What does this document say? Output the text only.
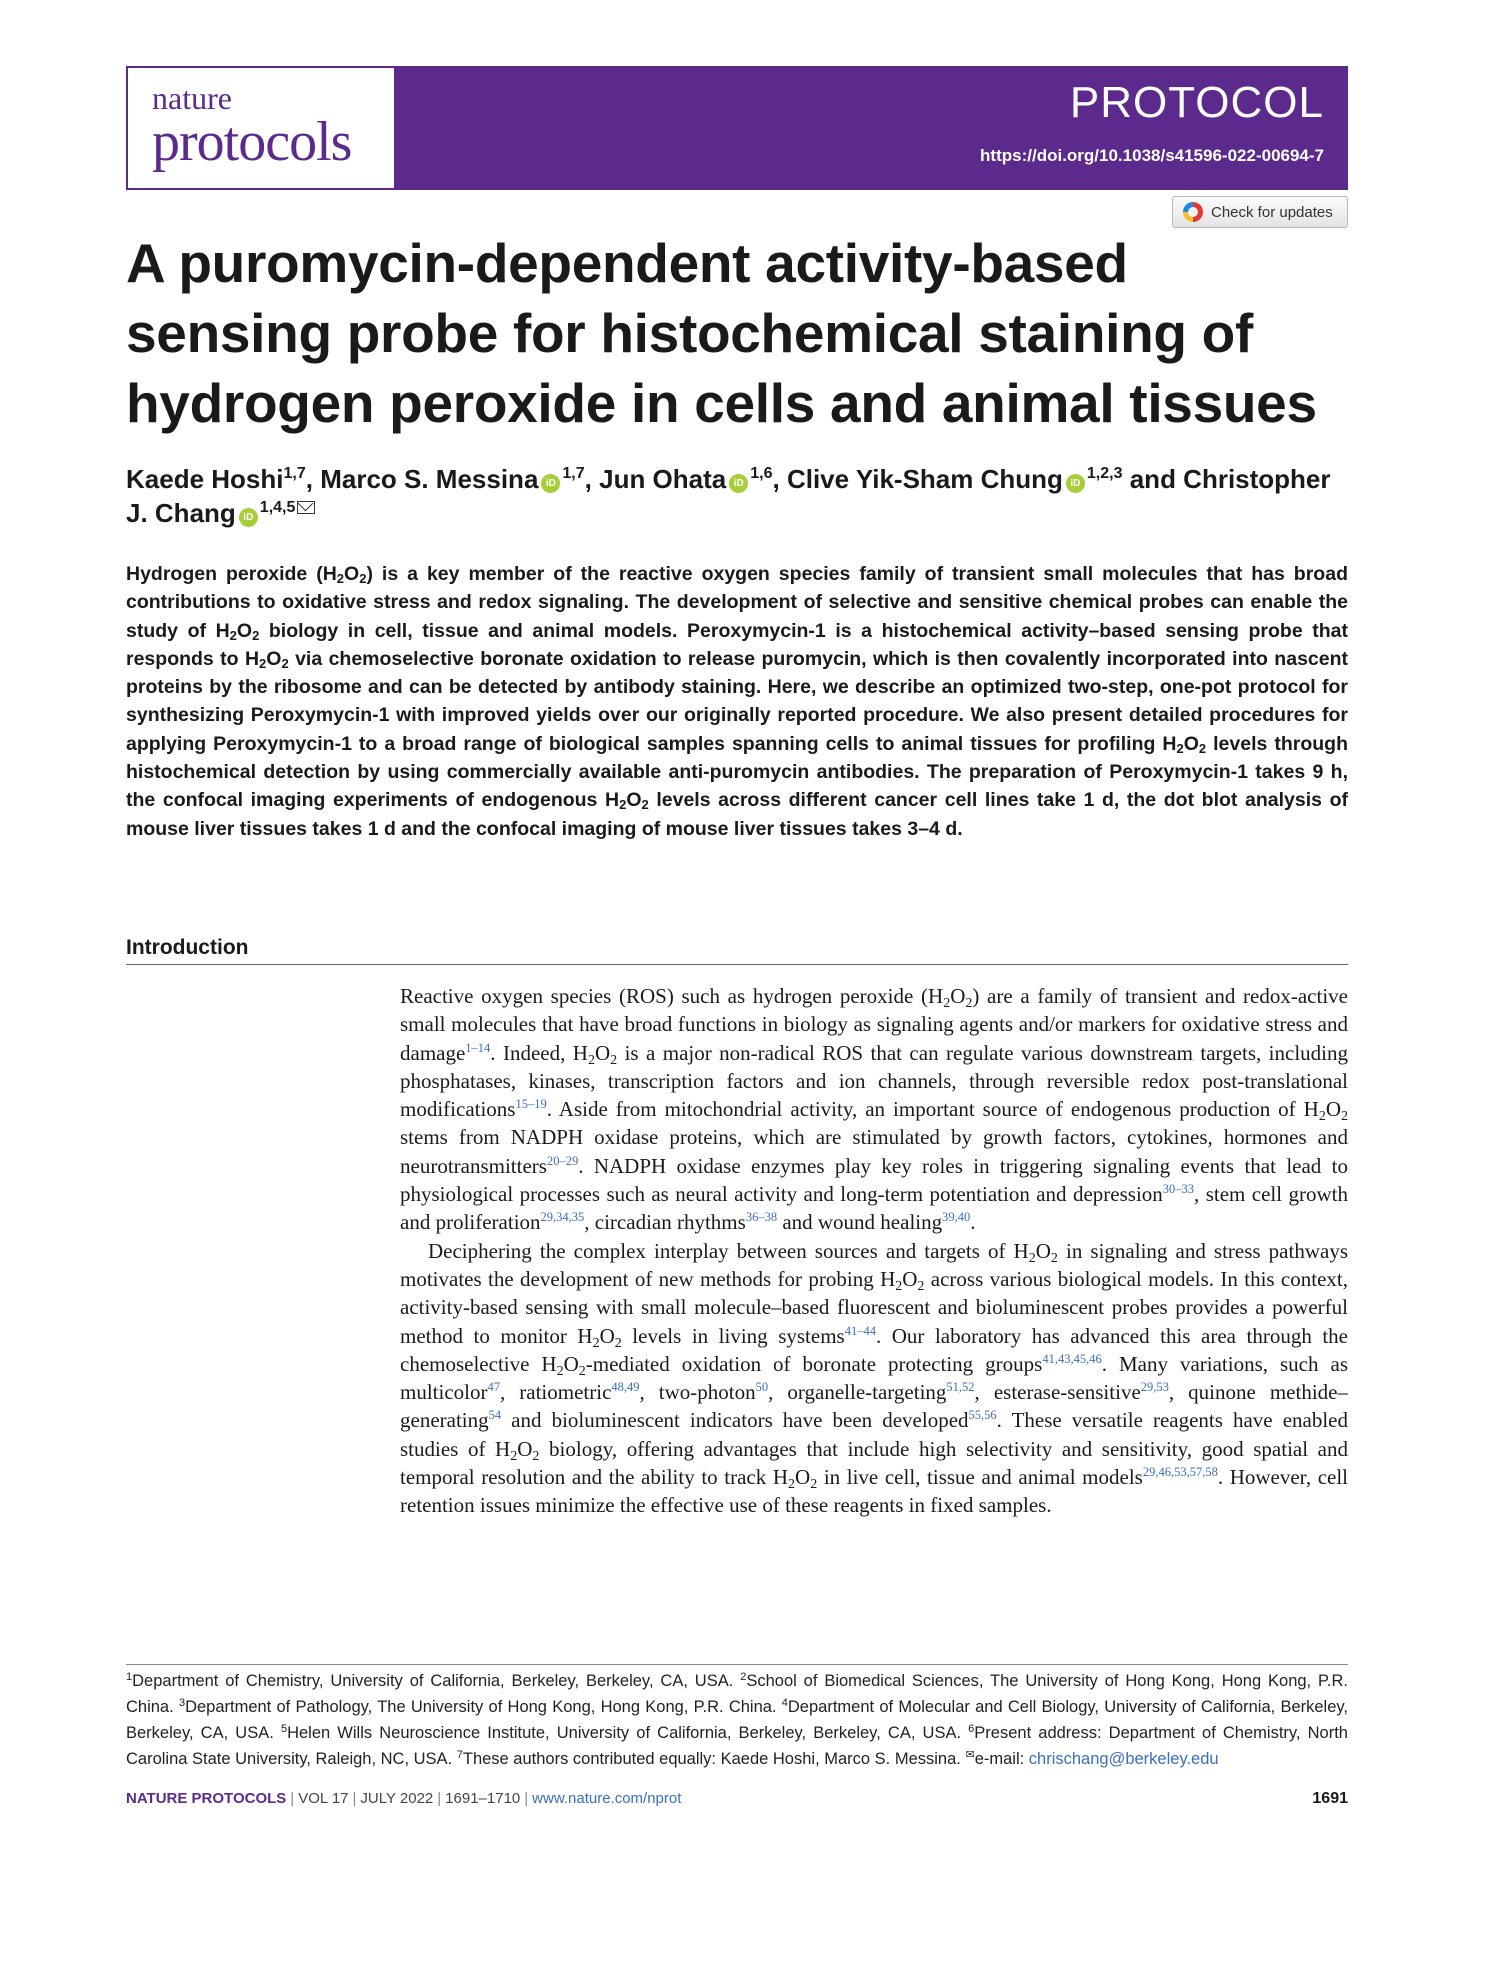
nature
protocols
PROTOCOL
https://doi.org/10.1038/s41596-022-00694-7
Check for updates
A puromycin-dependent activity-based sensing probe for histochemical staining of hydrogen peroxide in cells and animal tissues
Kaede Hoshi$^{1,7}$, Marco S. Messina iD$^{1,7}$, Jun Ohata iD$^{1,6}$, Clive Yik-Sham Chung iD$^{1,2,3}$ and Christopher J. Chang iD$^{1,4,5}$
Hydrogen peroxide $(H_2O_2)$ is a key member of the reactive oxygen species family of transient small molecules that has broad contributions to oxidative stress and redox signaling. The development of selective and sensitive chemical probes can enable the study of $H_2O_2$ biology in cell, tissue and animal models. Peroxymycin-1 is a histochemical activity–based sensing probe that responds to $H_2O_2$ via chemoselective boronate oxidation to release puromycin, which is then covalently incorporated into nascent proteins by the ribosome and can be detected by antibody staining. Here, we describe an optimized two-step, one-pot protocol for synthesizing Peroxymycin-1 with improved yields over our originally reported procedure. We also present detailed procedures for applying Peroxymycin-1 to a broad range of biological samples spanning cells to animal tissues for profiling $H_2O_2$ levels through histochemical detection by using commercially available anti-puromycin antibodies. The preparation of Peroxymycin-1 takes 9 h, the confocal imaging experiments of endogenous $H_2O_2$ levels across different cancer cell lines take 1 d, the dot blot analysis of mouse liver tissues takes 1 d and the confocal imaging of mouse liver tissues takes 3–4 d.
Introduction

Reactive oxygen species (ROS) such as hydrogen peroxide $(H_2O_2)$ are a family of transient and redox-active small molecules that have broad functions in biology as signaling agents and/or markers for oxidative stress and damage$^{1-14}$. Indeed, $H_2O_2$ is a major non-radical ROS that can regulate various downstream targets, including phosphatases, kinases, transcription factors and ion channels, through reversible redox post-translational modifications$^{15-19}$. Aside from mitochondrial activity, an important source of endogenous production of $H_2O_2$ stems from NADPH oxidase proteins, which are stimulated by growth factors, cytokines, hormones and neurotransmitters$^{20-29}$. NADPH oxidase enzymes play key roles in triggering signaling events that lead to physiological processes such as neural activity and long-term potentiation and depression$^{30-33}$, stem cell growth and proliferation$^{29,34,35}$, circadian rhythms$^{36-38}$ and wound healing$^{39,40}$.

Deciphering the complex interplay between sources and targets of $H_2O_2$ in signaling and stress pathways motivates the development of new methods for probing $H_2O_2$ across various biological models. In this context, activity-based sensing with small molecule–based fluorescent and bioluminescent probes provides a powerful method to monitor $H_2O_2$ levels in living systems$^{41-44}$. Our laboratory has advanced this area through the chemoselective $H_2O_2$-mediated oxidation of boronate protecting groups$^{41,43,45,46}$. Many variations, such as multicolor$^{47}$, ratiometric$^{48,49}$, two-photon$^{50}$, organelle-targeting$^{51,52}$, esterase-sensitive$^{29,53}$, quinone methide–generating$^{54}$ and bioluminescent indicators have been developed$^{55,56}$. These versatile reagents have enabled studies of $H_2O_2$ biology, offering advantages that include high selectivity and sensitivity, good spatial and temporal resolution and the ability to track $H_2O_2$ in live cell, tissue and animal models$^{29,46,53,57,58}$. However, cell retention issues minimize the effective use of these reagents in fixed samples.

$^1$Department of Chemistry, University of California, Berkeley, Berkeley, CA, USA. $^2$School of Biomedical Sciences, The University of Hong Kong, Hong Kong, P.R. China. $^3$Department of Pathology, The University of Hong Kong, Hong Kong, P.R. China. $^4$Department of Molecular and Cell Biology, University of California, Berkeley, Berkeley, CA, USA. $^5$Helen Wills Neuroscience Institute, University of California, Berkeley, Berkeley, CA, USA. $^6$Present address: Department of Chemistry, North Carolina State University, Raleigh, NC, USA. $^7$These authors contributed equally: Kaede Hoshi, Marco S. Messina. ✉e-mail: chrischang@berkeley.edu
NATURE PROTOCOLS | VOL 17 | JULY 2022 | 1691–1710 | www.nature.com/nprot	1691
